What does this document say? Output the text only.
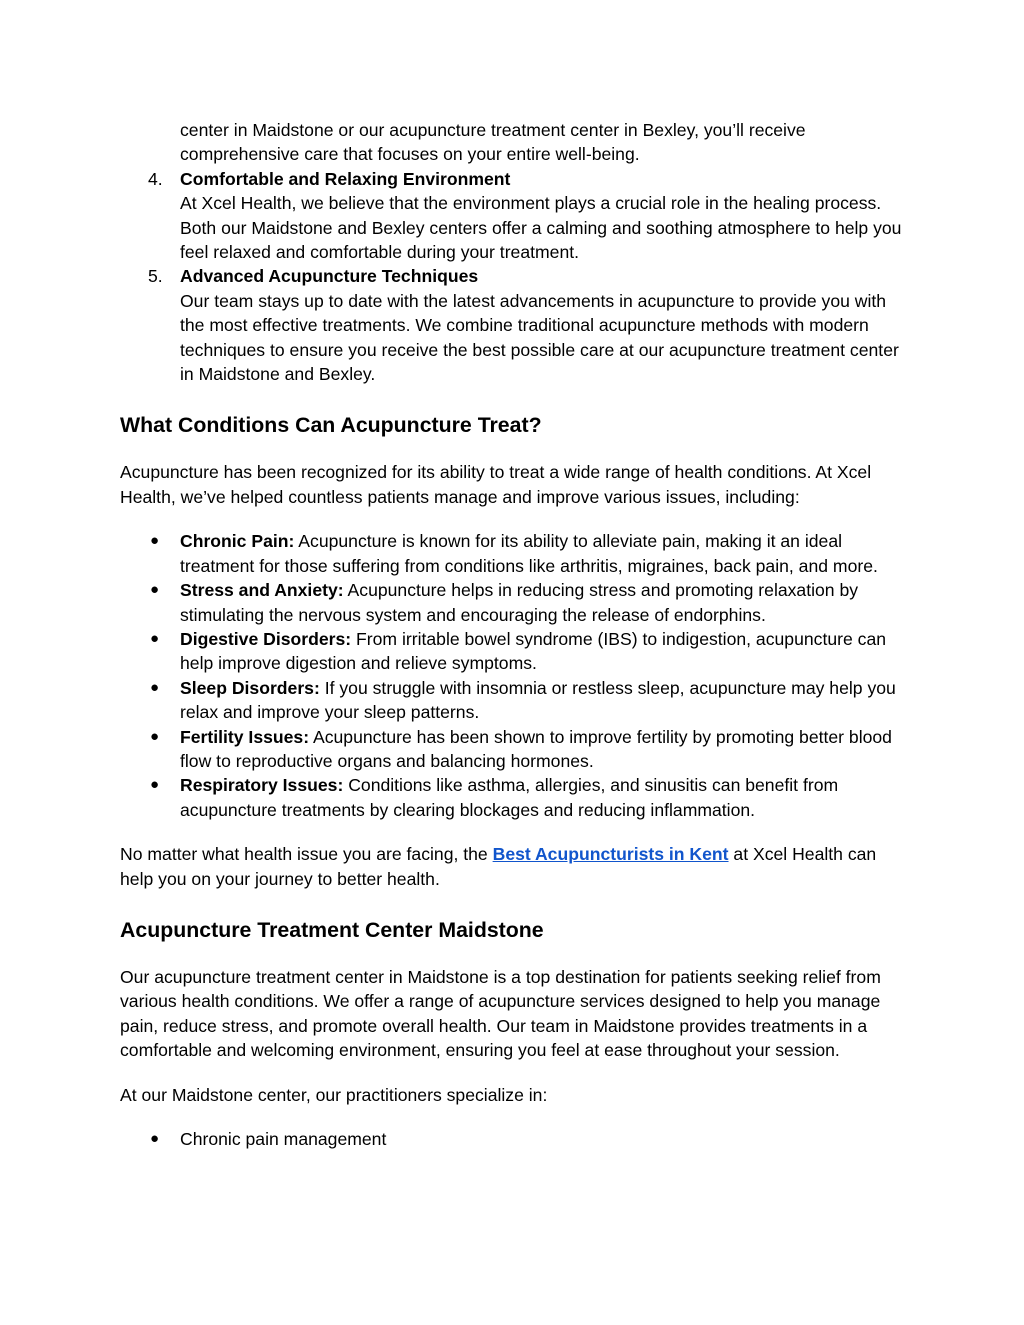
center in Maidstone or our acupuncture treatment center in Bexley, you’ll receive comprehensive care that focuses on your entire well-being.

4. Comfortable and Relaxing Environment

At Xcel Health, we believe that the environment plays a crucial role in the healing process. Both our Maidstone and Bexley centers offer a calming and soothing atmosphere to help you feel relaxed and comfortable during your treatment.

5. Advanced Acupuncture Techniques

Our team stays up to date with the latest advancements in acupuncture to provide you with the most effective treatments. We combine traditional acupuncture methods with modern techniques to ensure you receive the best possible care at our acupuncture treatment center in Maidstone and Bexley.

What Conditions Can Acupuncture Treat?

Acupuncture has been recognized for its ability to treat a wide range of health conditions. At Xcel Health, we’ve helped countless patients manage and improve various issues, including:

● Chronic Pain: Acupuncture is known for its ability to alleviate pain, making it an ideal treatment for those suffering from conditions like arthritis, migraines, back pain, and more.
● Stress and Anxiety: Acupuncture helps in reducing stress and promoting relaxation by stimulating the nervous system and encouraging the release of endorphins.
● Digestive Disorders: From irritable bowel syndrome (IBS) to indigestion, acupuncture can help improve digestion and relieve symptoms.
● Sleep Disorders: If you struggle with insomnia or restless sleep, acupuncture may help you relax and improve your sleep patterns.
● Fertility Issues: Acupuncture has been shown to improve fertility by promoting better blood flow to reproductive organs and balancing hormones.
● Respiratory Issues: Conditions like asthma, allergies, and sinusitis can benefit from acupuncture treatments by clearing blockages and reducing inflammation.

No matter what health issue you are facing, the Best Acupuncturists in Kent at Xcel Health can help you on your journey to better health.

Acupuncture Treatment Center Maidstone

Our acupuncture treatment center in Maidstone is a top destination for patients seeking relief from various health conditions. We offer a range of acupuncture services designed to help you manage pain, reduce stress, and promote overall health. Our team in Maidstone provides treatments in a comfortable and welcoming environment, ensuring you feel at ease throughout your session.

At our Maidstone center, our practitioners specialize in:

● Chronic pain management
